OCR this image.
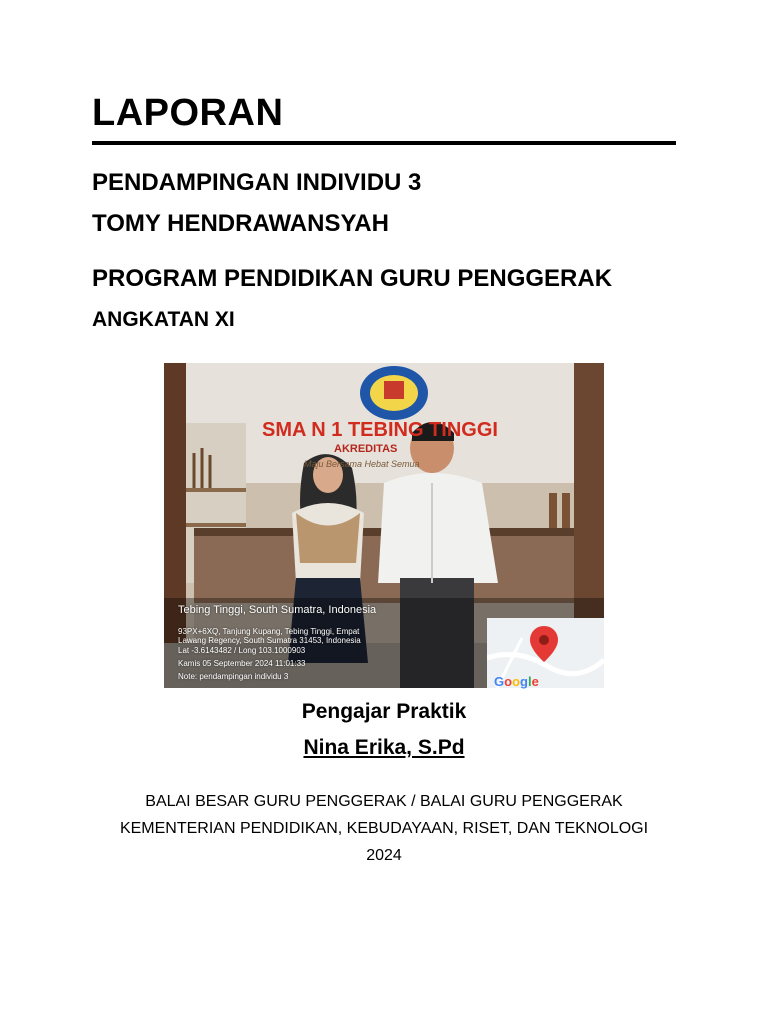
LAPORAN
PENDAMPINGAN INDIVIDU 3
TOMY HENDRAWANSYAH
PROGRAM PENDIDIKAN GURU PENGGERAK
ANGKATAN XI
SMA N 1 TEBING TINGGI
AKREDITAS
Maju Bersama Hebat Semua
Tebing Tinggi, South Sumatra, Indonesia
93PX+6XQ, Tanjung Kupang, Tebing Tinggi, Empat
Lawang Regency, South Sumatra 31453, Indonesia
Lat -3.6143482 / Long 103.1000903
Kamis 05 September 2024 11:01:33
Note: pendampingan individu 3	Google
Pengajar Praktik
Nina Erika, S.Pd
BALAI BESAR GURU PENGGERAK / BALAI GURU PENGGERAK
KEMENTERIAN PENDIDIKAN, KEBUDAYAAN, RISET, DAN TEKNOLOGI
2024
